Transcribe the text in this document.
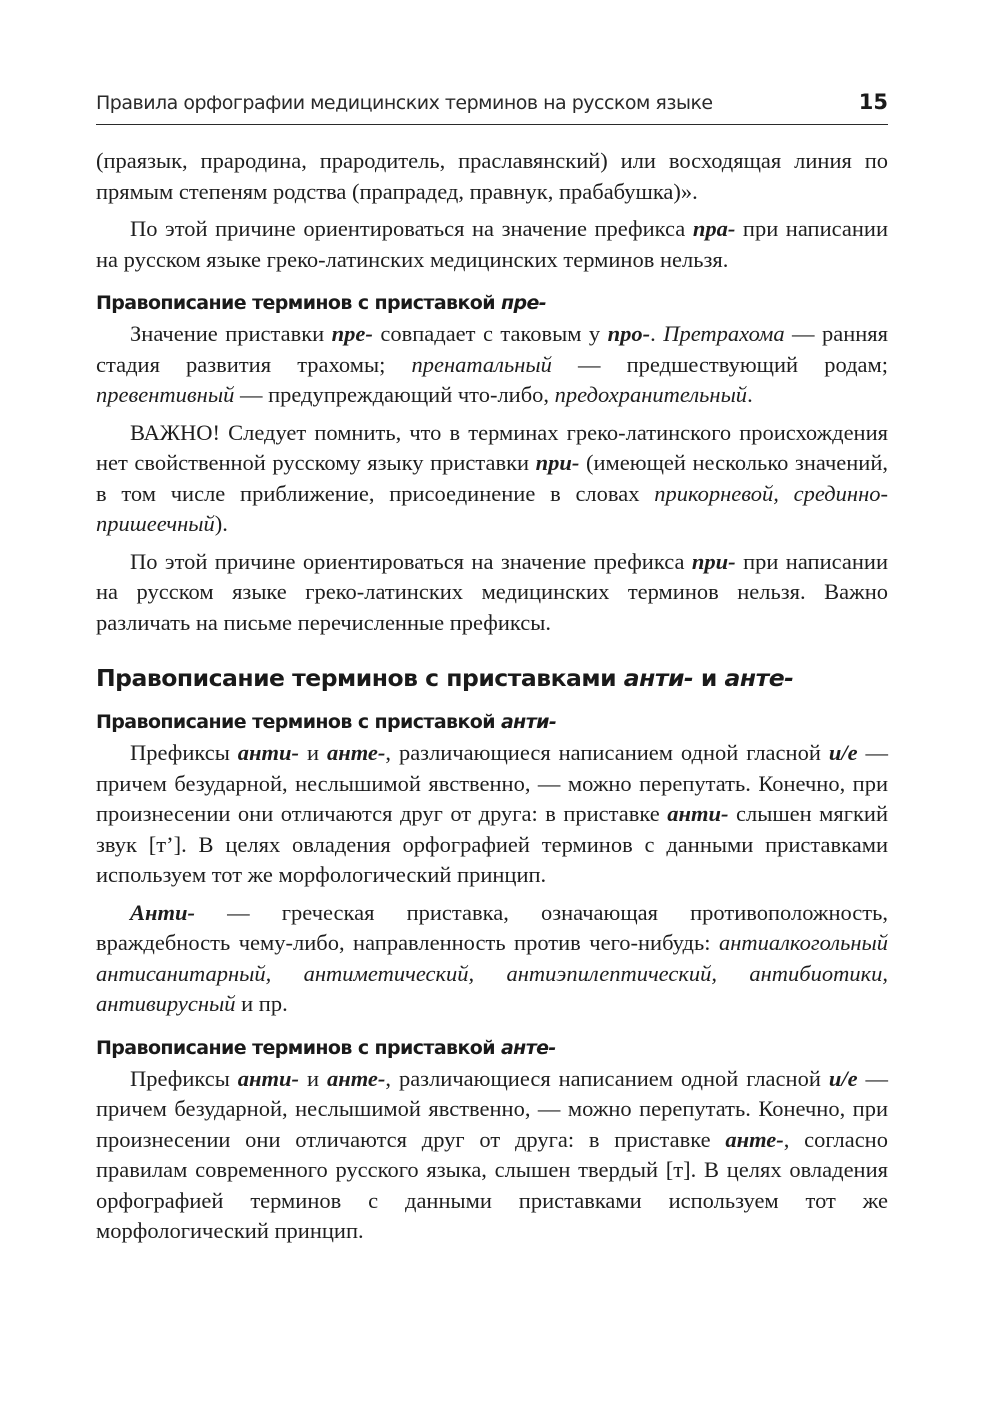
Правила орфографии медицинских терминов на русском языке	15

(праязык, прародина, прародитель, праславянский) или восходящая линия по прямым степеням родства (прапрадед, правнук, прабабушка)».

По этой причине ориентироваться на значение префикса пра- при написании на русском языке греко-латинских медицинских терминов нельзя.

Правописание терминов с приставкой пре-

Значение приставки пре- совпадает с таковым у про-. Претрахома — ранняя стадия развития трахомы; пренатальный — предшествующий родам; превентивный — предупреждающий что-либо, предохранительный.

ВАЖНО! Следует помнить, что в терминах греко-латинского происхождения нет свойственной русскому языку приставки при- (имеющей несколько значений, в том числе приближение, присоединение в словах прикорневой, срединно-пришеечный).

По этой причине ориентироваться на значение префикса при- при написании на русском языке греко-латинских медицинских терминов нельзя. Важно различать на письме перечисленные префиксы.

Правописание терминов с приставками анти- и анте-
Правописание терминов с приставкой анти-

Префиксы анти- и анте-, различающиеся написанием одной гласной и/е — причем безударной, неслышимой явственно, — можно перепутать. Конечно, при произнесении они отличаются друг от друга: в приставке анти- слышен мягкий звук [т’]. В целях овладения орфографией терминов с данными приставками используем тот же морфологический принцип.

Анти- — греческая приставка, означающая противоположность, враждебность чему-либо, направленность против чего-нибудь: антиалкогольный антисанитарный, антиметический, антиэпилептический, антибиотики, антивирусный и пр.

Правописание терминов с приставкой анте-

Префиксы анти- и анте-, различающиеся написанием одной гласной и/е — причем безударной, неслышимой явственно, — можно перепутать. Конечно, при произнесении они отличаются друг от друга: в приставке анте-, согласно правилам современного русского языка, слышен твердый [т]. В целях овладения орфографией терминов с данными приставками используем тот же морфологический принцип.
